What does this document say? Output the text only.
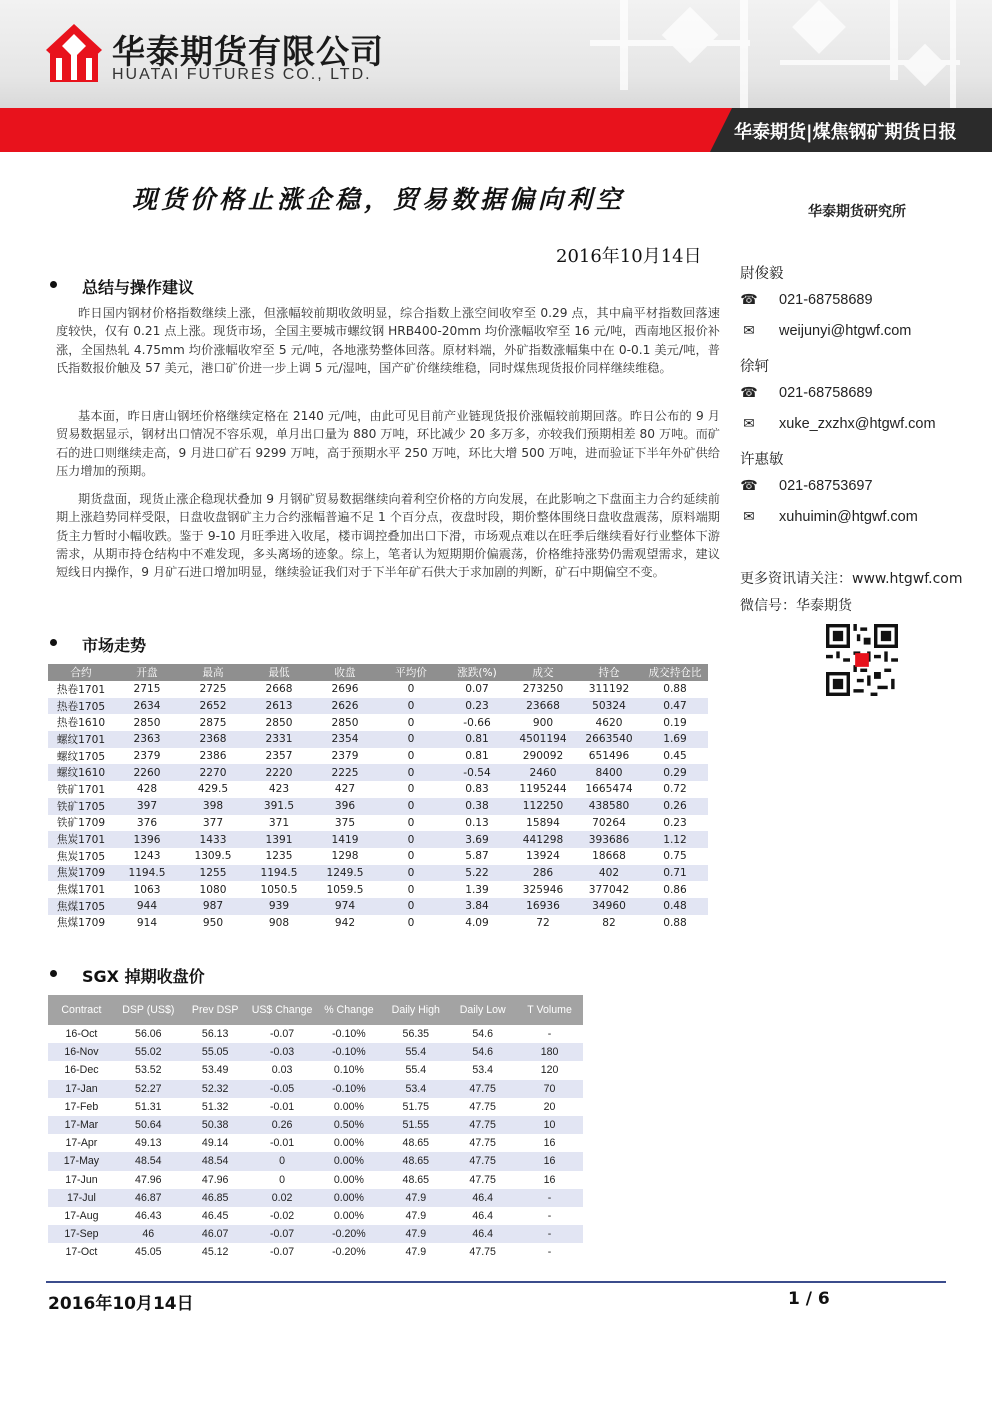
华泰期货有限公司
HUATAI FUTURES CO., LTD.
华泰期货|煤焦钢矿期货日报
现货价格止涨企稳，贸易数据偏向利空	华泰期货研究所
2016年10月14日
总结与操作建议

昨日国内钢材价格指数继续上涨，但涨幅较前期收敛明显，综合指数上涨空间收窄至 0.29 点，其中扁平材指数回落速度较快，仅有 0.21 点上涨。现货市场，全国主要城市螺纹钢 HRB400-20mm 均价涨幅收窄至 16 元/吨，西南地区报价补涨，全国热轧 4.75mm 均价涨幅收窄至 5 元/吨，各地涨势整体回落。原材料端，外矿指数涨幅集中在 0-0.1 美元/吨，普氏指数报价触及 57 美元，港口矿价进一步上调 5 元/湿吨，国产矿价继续维稳，同时煤焦现货报价同样继续维稳。

基本面，昨日唐山钢坯价格继续定格在 2140 元/吨，由此可见目前产业链现货报价涨幅较前期回落。昨日公布的 9 月贸易数据显示，钢材出口情况不容乐观，单月出口量为 880 万吨，环比减少 20 多万多，亦较我们预期相差 80 万吨。而矿石的进口则继续走高，9 月进口矿石 9299 万吨，高于预期水平 250 万吨，环比大增 500 万吨，进而验证下半年外矿供给压力增加的预期。

期货盘面，现货止涨企稳现状叠加 9 月钢矿贸易数据继续向着利空价格的方向发展，在此影响之下盘面主力合约延续前期上涨趋势同样受限，日盘收盘钢矿主力合约涨幅普遍不足 1 个百分点，夜盘时段，期价整体围绕日盘收盘震荡，原料端期货主力暂时小幅收跌。鉴于 9-10 月旺季进入收尾，楼市调控叠加出口下滑，市场观点难以在旺季后继续看好行业整体下游需求，从期市持仓结构中不难发现，多头离场的迹象。综上，笔者认为短期期价偏震荡，价格维持涨势仍需观望需求，建议短线日内操作，9 月矿石进口增加明显，继续验证我们对于下半年矿石供大于求加剧的判断，矿石中期偏空不变。

尉俊毅
☎ 021-68758689
✉ weijunyi@htgwf.com
徐轲
☎ 021-68758689
✉ xuke_zxzhx@htgwf.com
许惠敏
☎ 021-68753697
✉ xuhuimin@htgwf.com
更多资讯请关注：www.htgwf.com
微信号：华泰期货
市场走势
合约	开盘	最高	最低	收盘	平均价	涨跌(%)	成交	持仓	成交持仓比
热卷1701	2715	2725	2668	2696	0	0.07	273250	311192	0.88
热卷1705	2634	2652	2613	2626	0	0.23	23668	50324	0.47
热卷1610	2850	2875	2850	2850	0	-0.66	900	4620	0.19
螺纹1701	2363	2368	2331	2354	0	0.81	4501194	2663540	1.69
螺纹1705	2379	2386	2357	2379	0	0.81	290092	651496	0.45
螺纹1610	2260	2270	2220	2225	0	-0.54	2460	8400	0.29
铁矿1701	428	429.5	423	427	0	0.83	1195244	1665474	0.72
铁矿1705	397	398	391.5	396	0	0.38	112250	438580	0.26
铁矿1709	376	377	371	375	0	0.13	15894	70264	0.23
焦炭1701	1396	1433	1391	1419	0	3.69	441298	393686	1.12
焦炭1705	1243	1309.5	1235	1298	0	5.87	13924	18668	0.75
焦炭1709	1194.5	1255	1194.5	1249.5	0	5.22	286	402	0.71
焦煤1701	1063	1080	1050.5	1059.5	0	1.39	325946	377042	0.86
焦煤1705	944	987	939	974	0	3.84	16936	34960	0.48
焦煤1709	914	950	908	942	0	4.09	72	82	0.88
SGX 掉期收盘价
Contract	DSP (US$)	Prev DSP	US$ Change	% Change	Daily High	Daily Low	T Volume
16-Oct	56.06	56.13	-0.07	-0.10%	56.35	54.6	-
16-Nov	55.02	55.05	-0.03	-0.10%	55.4	54.6	180
16-Dec	53.52	53.49	0.03	0.10%	55.4	53.4	120
17-Jan	52.27	52.32	-0.05	-0.10%	53.4	47.75	70
17-Feb	51.31	51.32	-0.01	0.00%	51.75	47.75	20
17-Mar	50.64	50.38	0.26	0.50%	51.55	47.75	10
17-Apr	49.13	49.14	-0.01	0.00%	48.65	47.75	16
17-May	48.54	48.54	0	0.00%	48.65	47.75	16
17-Jun	47.96	47.96	0	0.00%	48.65	47.75	16
17-Jul	46.87	46.85	0.02	0.00%	47.9	46.4	-
17-Aug	46.43	46.45	-0.02	0.00%	47.9	46.4	-
17-Sep	46	46.07	-0.07	-0.20%	47.9	46.4	-
17-Oct	45.05	45.12	-0.07	-0.20%	47.9	47.75	-
2016年10月14日	1 / 6
